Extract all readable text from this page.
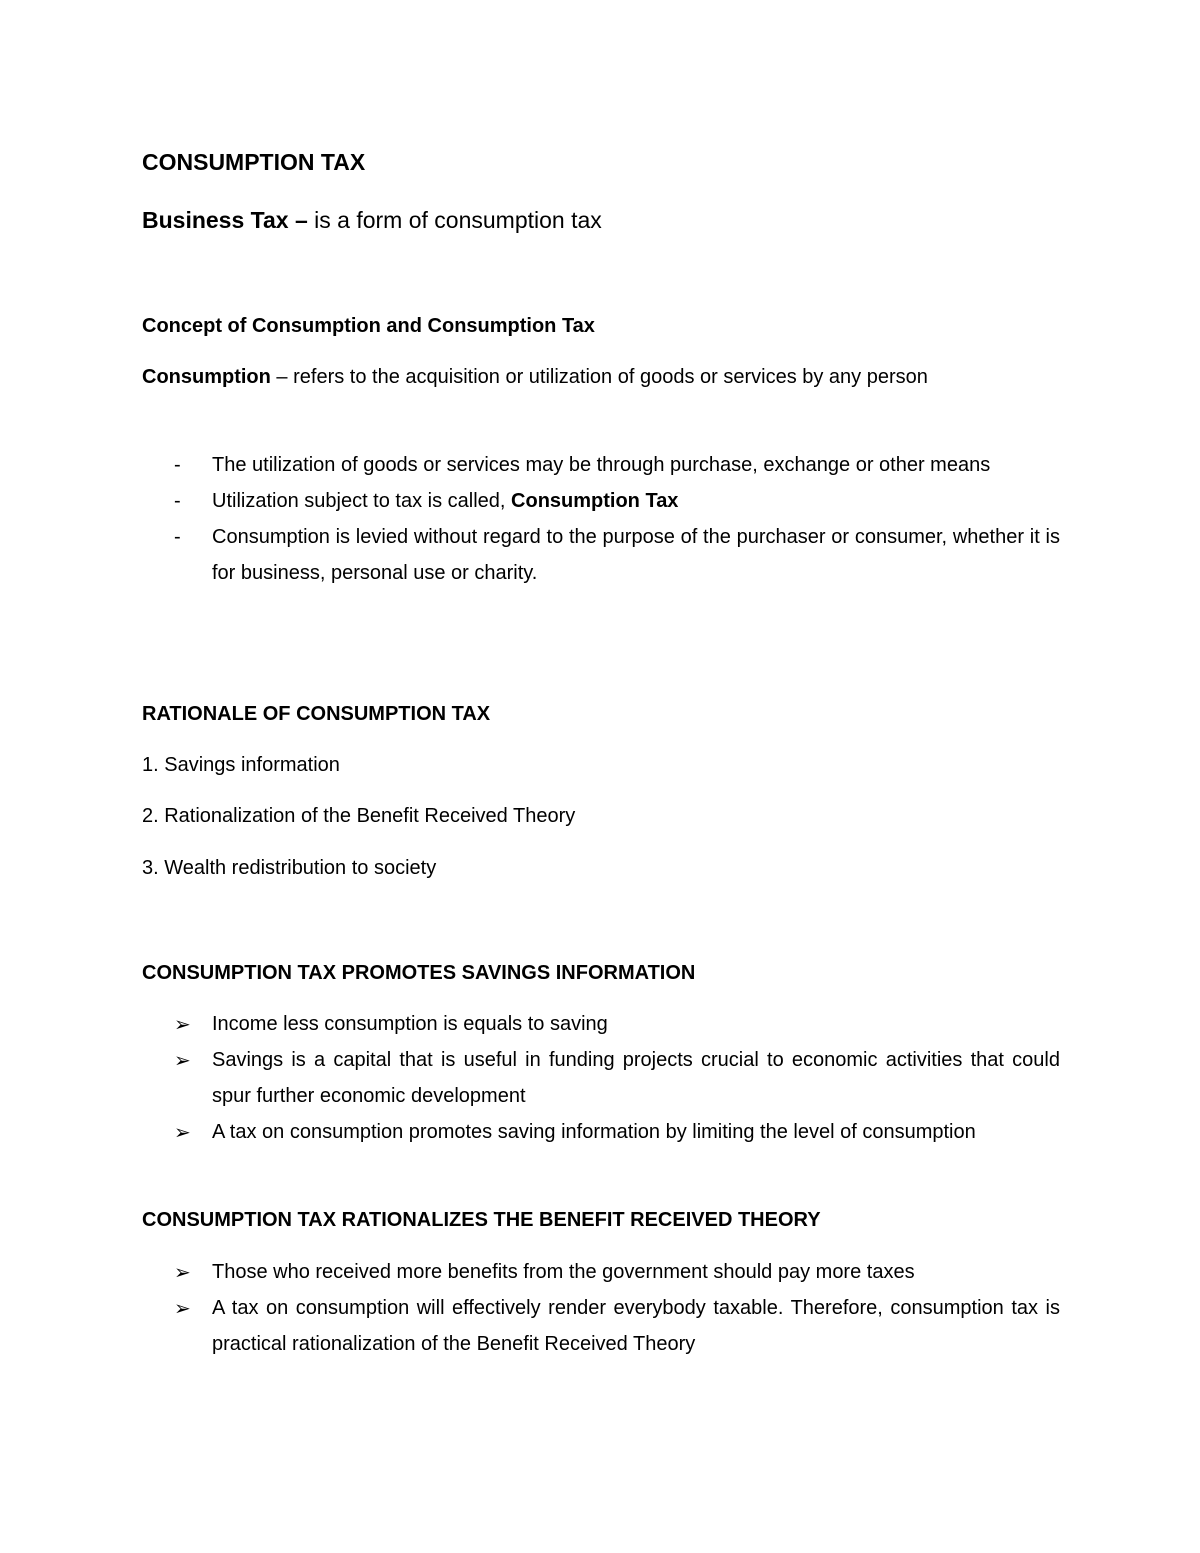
CONSUMPTION TAX
Business Tax – is a form of consumption tax
Concept of Consumption and Consumption Tax
Consumption – refers to the acquisition or utilization of goods or services by any person
-	The utilization of goods or services may be through purchase, exchange or other means
-	Utilization subject to tax is called, Consumption Tax
-	Consumption is levied without regard to the purpose of the purchaser or consumer, whether it is for business, personal use or charity.
RATIONALE OF CONSUMPTION TAX
1. Savings information
2. Rationalization of the Benefit Received Theory
3. Wealth redistribution to society
CONSUMPTION TAX PROMOTES SAVINGS INFORMATION
➢	Income less consumption is equals to saving
➢	Savings is a capital that is useful in funding projects crucial to economic activities that could spur further economic development
➢	A tax on consumption promotes saving information by limiting the level of consumption
CONSUMPTION TAX RATIONALIZES THE BENEFIT RECEIVED THEORY
➢	Those who received more benefits from the government should pay more taxes
➢	A tax on consumption will effectively render everybody taxable. Therefore, consumption tax is practical rationalization of the Benefit Received Theory
